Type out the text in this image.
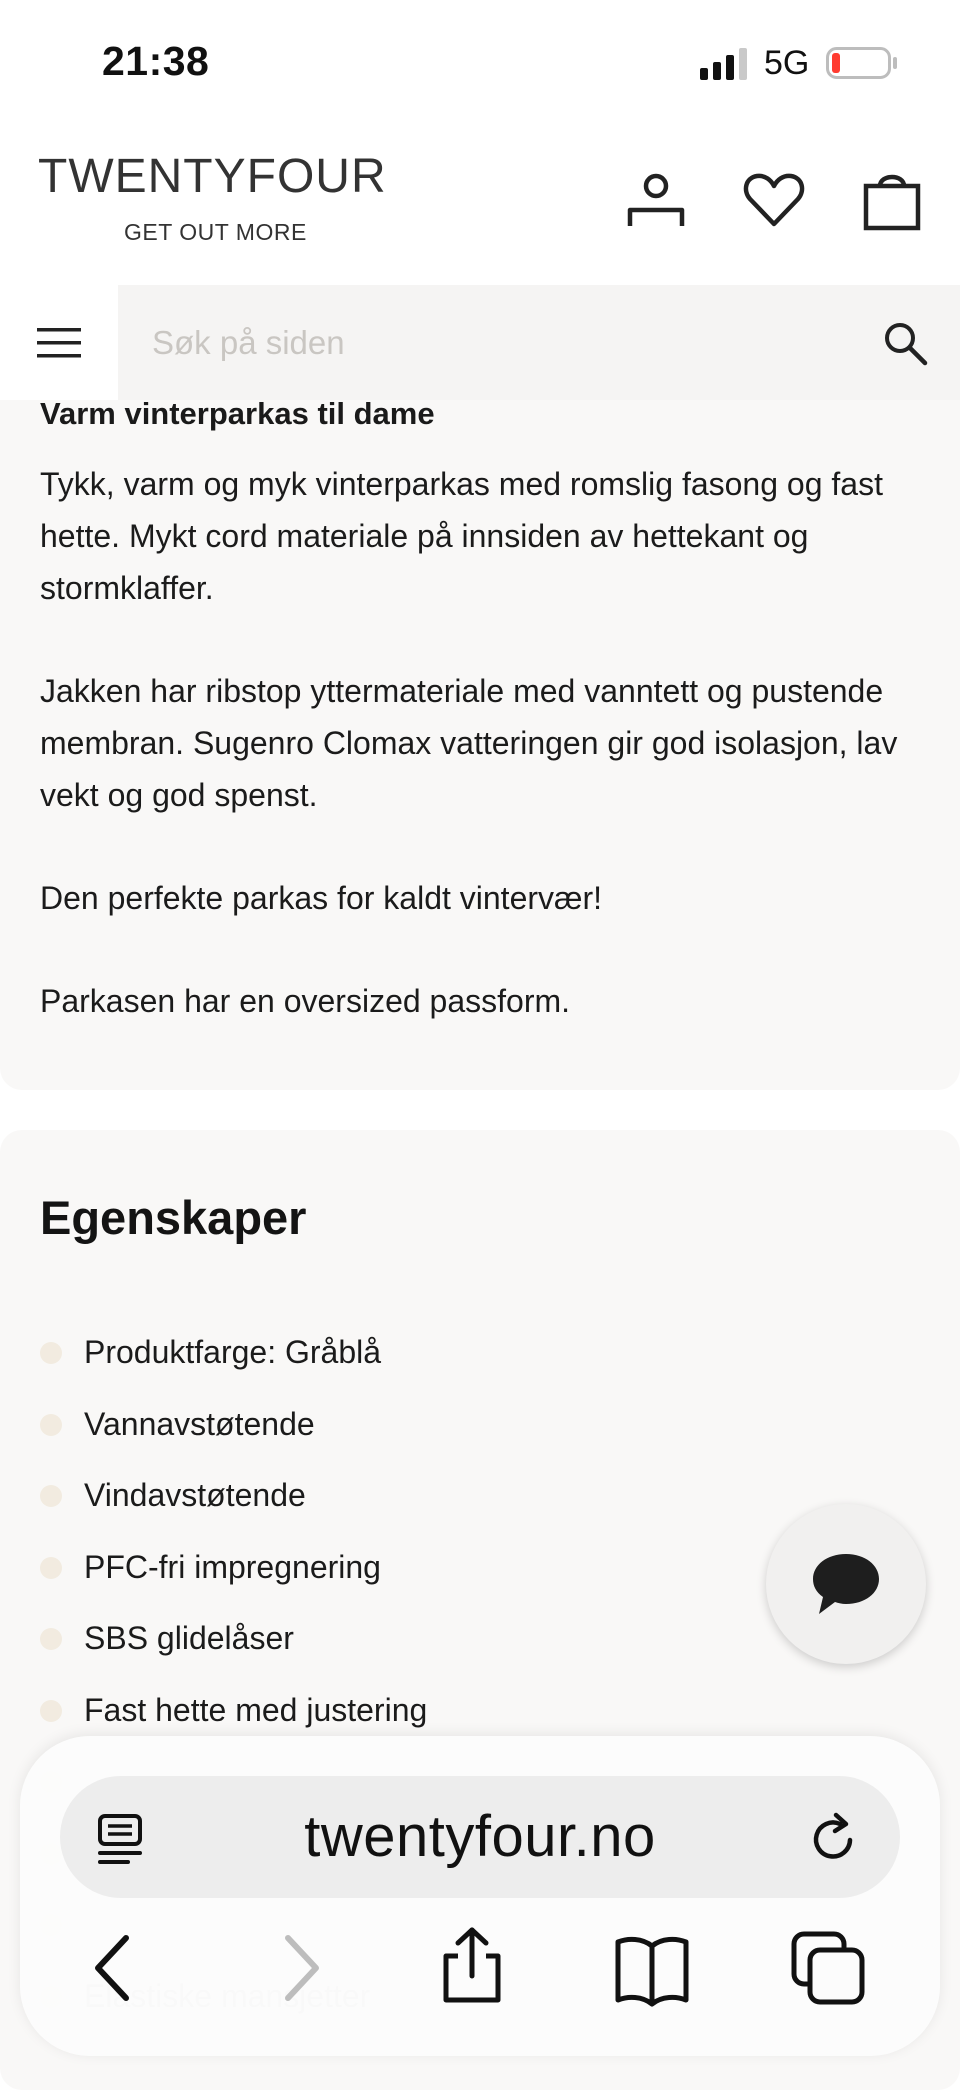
21:38	5G
TWENTYFOUR
GET OUT MORE
Søk på siden
Varm vinterparkas til dame
Tykk, varm og myk vinterparkas med romslig fasong og fast hette. Mykt cord materiale på innsiden av hettekant og stormklaffer.
Jakken har ribstop yttermateriale med vanntett og pustende membran. Sugenro Clomax vatteringen gir god isolasjon, lav vekt og god spenst.
Den perfekte parkas for kaldt vintervær!
Parkasen har en oversized passform.
Egenskaper
Produktfarge: Gråblå
Vannavstøtende
Vindavstøtende
PFC-fri impregnering
SBS glidelåser
Fast hette med justering
twentyfour.no
